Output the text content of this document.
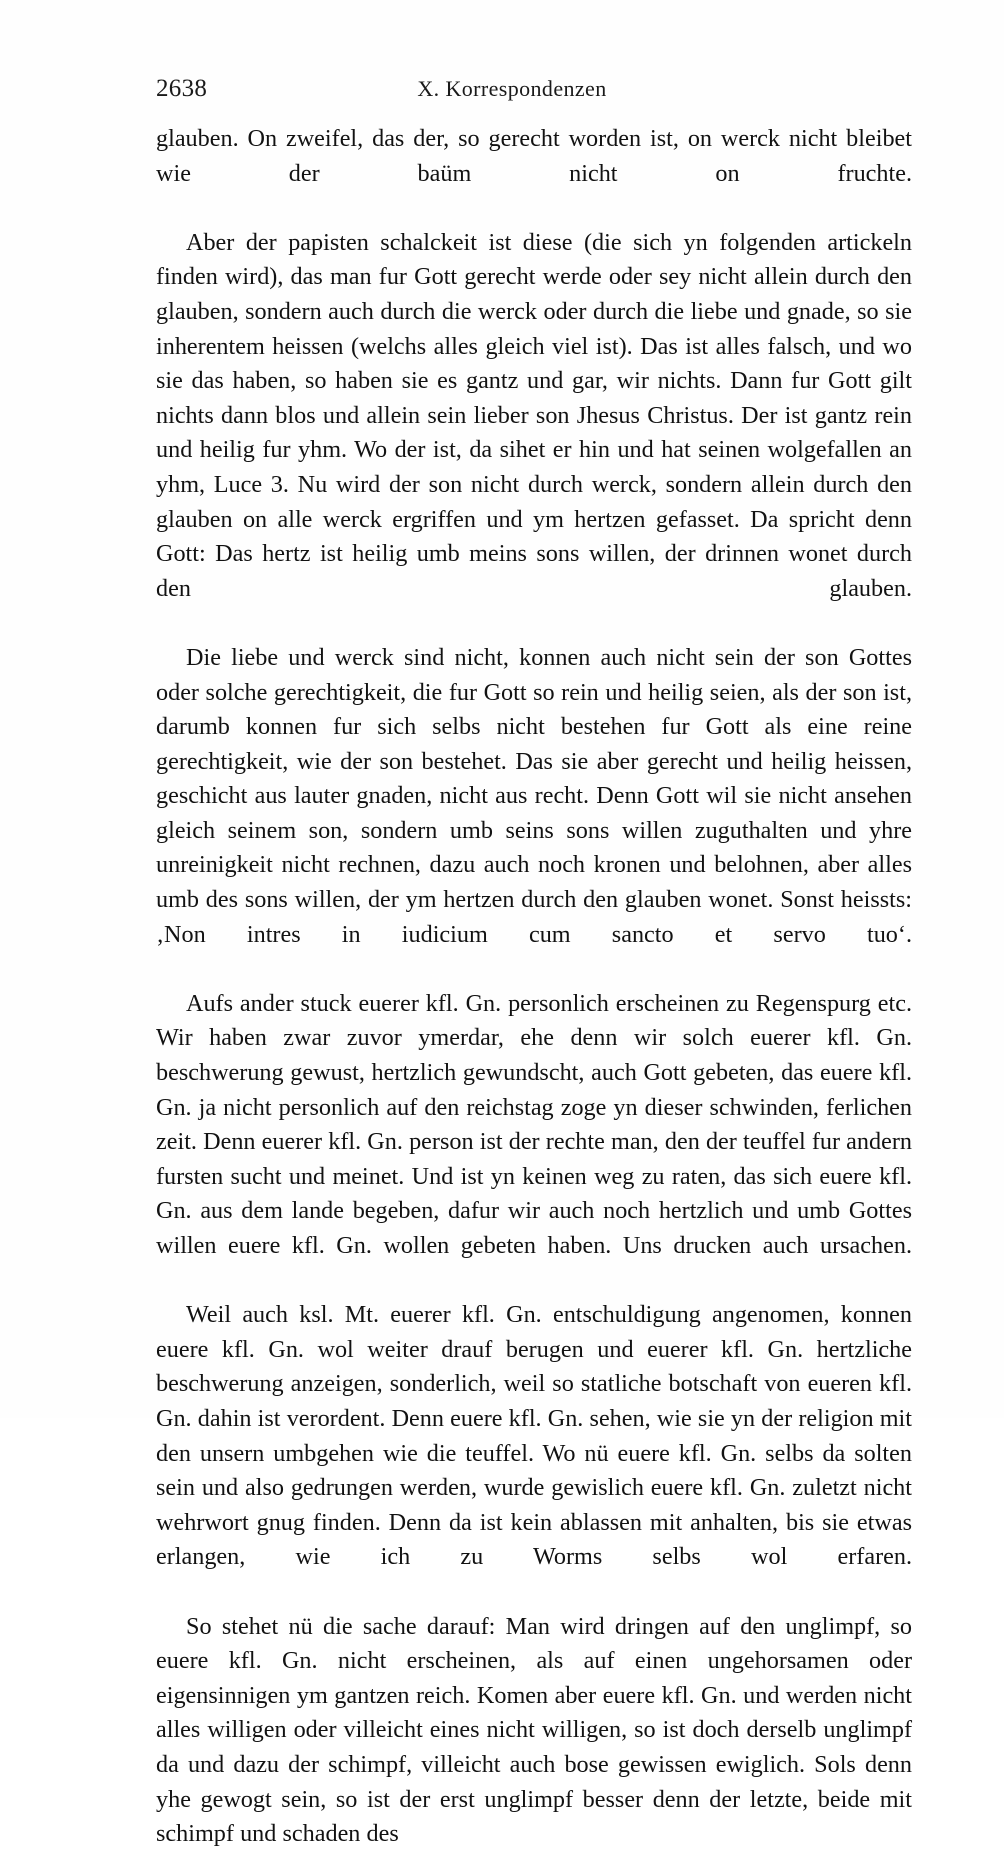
2638	X. Korrespondenzen

glauben. On zweifel, das der, so gerecht worden ist, on werck nicht bleibet wie der baüm nicht on fruchte.

Aber der papisten schalckeit ist diese (die sich yn folgenden artickeln finden wird), das man fur Gott gerecht werde oder sey nicht allein durch den glauben, sondern auch durch die werck oder durch die liebe und gnade, so sie inherentem heissen (welchs alles gleich viel ist). Das ist alles falsch, und wo sie das haben, so haben sie es gantz und gar, wir nichts. Dann fur Gott gilt nichts dann blos und allein sein lieber son Jhesus Christus. Der ist gantz rein und heilig fur yhm. Wo der ist, da sihet er hin und hat seinen wolgefallen an yhm, Luce 3. Nu wird der son nicht durch werck, sondern allein durch den glauben on alle werck ergriffen und ym hertzen gefasset. Da spricht denn Gott: Das hertz ist heilig umb meins sons willen, der drinnen wonet durch den glauben.

Die liebe und werck sind nicht, konnen auch nicht sein der son Gottes oder solche gerechtigkeit, die fur Gott so rein und heilig seien, als der son ist, darumb konnen fur sich selbs nicht bestehen fur Gott als eine reine gerechtigkeit, wie der son bestehet. Das sie aber gerecht und heilig heissen, geschicht aus lauter gnaden, nicht aus recht. Denn Gott wil sie nicht ansehen gleich seinem son, sondern umb seins sons willen zuguthalten und yhre unreinigkeit nicht rechnen, dazu auch noch kronen und belohnen, aber alles umb des sons willen, der ym hertzen durch den glauben wonet. Sonst heissts: ‚Non intres in iudicium cum sancto et servo tuo‘.

Aufs ander stuck euerer kfl. Gn. personlich erscheinen zu Regenspurg etc. Wir haben zwar zuvor ymerdar, ehe denn wir solch euerer kfl. Gn. beschwerung gewust, hertzlich gewundscht, auch Gott gebeten, das euere kfl. Gn. ja nicht personlich auf den reichstag zoge yn dieser schwinden, ferlichen zeit. Denn euerer kfl. Gn. person ist der rechte man, den der teuffel fur andern fursten sucht und meinet. Und ist yn keinen weg zu raten, das sich euere kfl. Gn. aus dem lande begeben, dafur wir auch noch hertzlich und umb Gottes willen euere kfl. Gn. wollen gebeten haben. Uns drucken auch ursachen.

Weil auch ksl. Mt. euerer kfl. Gn. entschuldigung angenomen, konnen euere kfl. Gn. wol weiter drauf berugen und euerer kfl. Gn. hertzliche beschwerung anzeigen, sonderlich, weil so statliche botschaft von eueren kfl. Gn. dahin ist verordent. Denn euere kfl. Gn. sehen, wie sie yn der religion mit den unsern umbgehen wie die teuffel. Wo nü euere kfl. Gn. selbs da solten sein und also gedrungen werden, wurde gewislich euere kfl. Gn. zuletzt nicht wehrwort gnug finden. Denn da ist kein ablassen mit anhalten, bis sie etwas erlangen, wie ich zu Worms selbs wol erfaren.

So stehet nü die sache darauf: Man wird dringen auf den unglimpf, so euere kfl. Gn. nicht erscheinen, als auf einen ungehorsamen oder eigensinnigen ym gantzen reich. Komen aber euere kfl. Gn. und werden nicht alles willigen oder villeicht eines nicht willigen, so ist doch derselb unglimpf da und dazu der schimpf, villeicht auch bose gewissen ewiglich. Sols denn yhe gewogt sein, so ist der erst unglimpf besser denn der letzte, beide mit schimpf und schaden des
